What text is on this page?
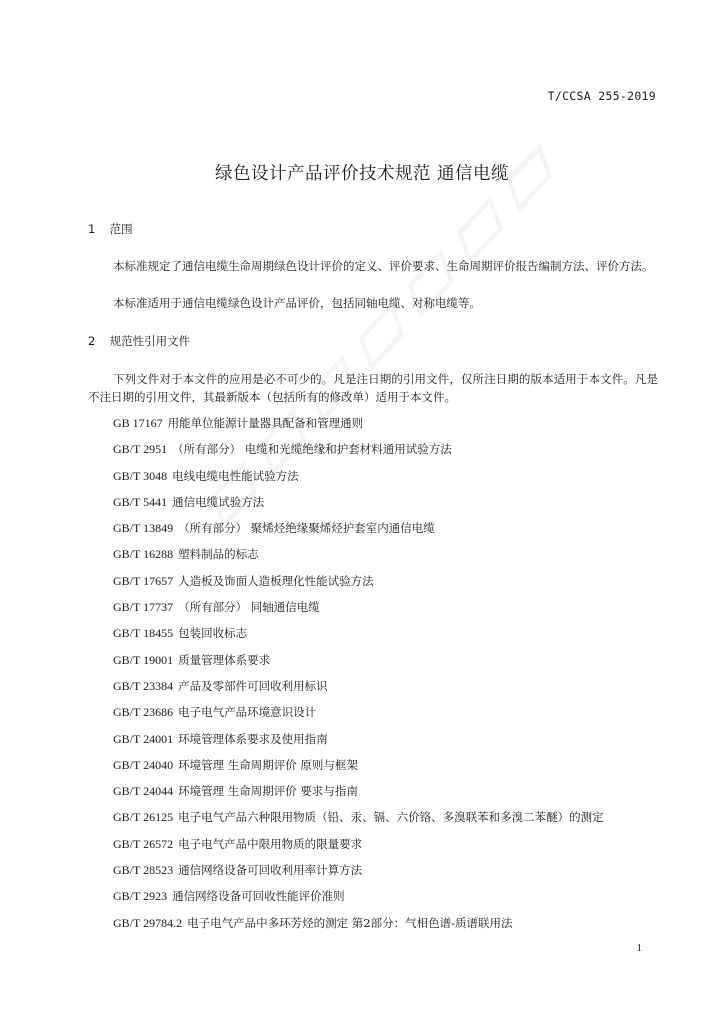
T/CCSA 255-2019
绿色设计产品评价技术规范 通信电缆
1 范围
本标准规定了通信电缆生命周期绿色设计评价的定义、评价要求、生命周期评价报告编制方法、评价方法。
本标准适用于通信电缆绿色设计产品评价，包括同轴电缆、对称电缆等。
2 规范性引用文件
下列文件对于本文件的应用是必不可少的。凡是注日期的引用文件，仅所注日期的版本适用于本文件。凡是不注日期的引用文件，其最新版本（包括所有的修改单）适用于本文件。
GB 17167 用能单位能源计量器具配备和管理通则
GB/T 2951 （所有部分） 电缆和光缆绝缘和护套材料通用试验方法
GB/T 3048 电线电缆电性能试验方法
GB/T 5441 通信电缆试验方法
GB/T 13849 （所有部分） 聚烯烃绝缘聚烯烃护套室内通信电缆
GB/T 16288 塑料制品的标志
GB/T 17657 人造板及饰面人造板理化性能试验方法
GB/T 17737 （所有部分） 同轴通信电缆
GB/T 18455 包装回收标志
GB/T 19001 质量管理体系要求
GB/T 23384 产品及零部件可回收利用标识
GB/T 23686 电子电气产品环境意识设计
GB/T 24001 环境管理体系要求及使用指南
GB/T 24040 环境管理 生命周期评价 原则与框架
GB/T 24044 环境管理 生命周期评价 要求与指南
GB/T 26125 电子电气产品六种限用物质（铅、汞、镉、六价铬、多溴联苯和多溴二苯醚）的测定
GB/T 26572 电子电气产品中限用物质的限量要求
GB/T 28523 通信网络设备可回收利用率计算方法
GB/T 2923 通信网络设备可回收性能评价准则
GB/T 29784.2 电子电气产品中多环芳烃的测定 第2部分：气相色谱-质谱联用法
1
